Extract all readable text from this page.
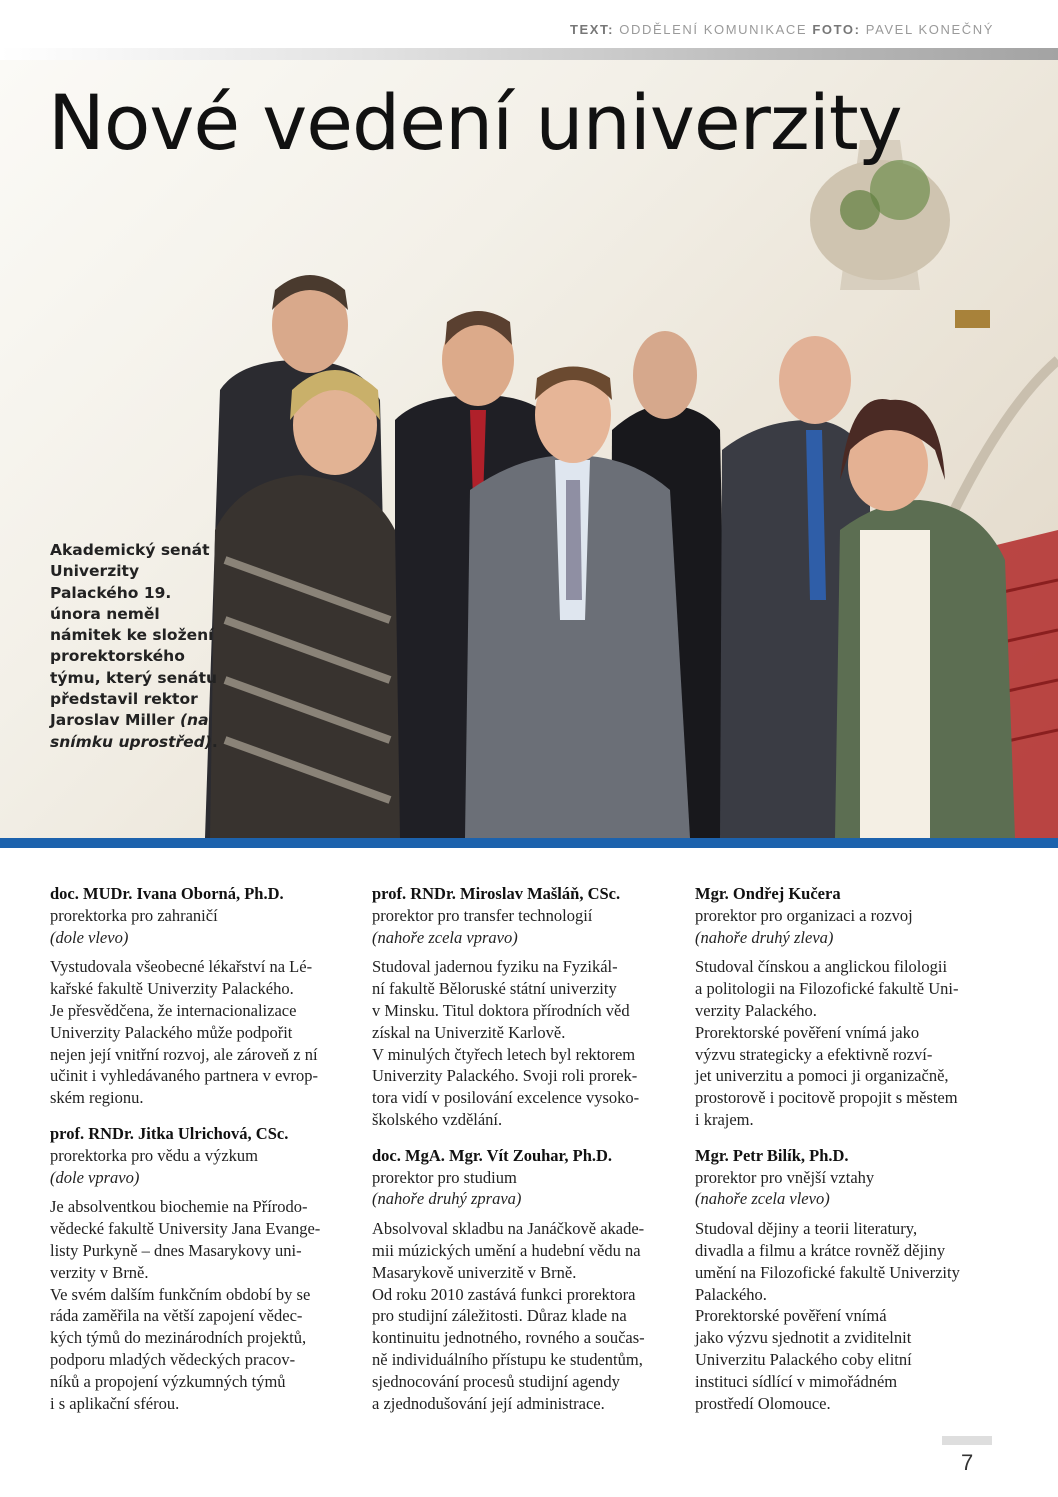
TEXT: ODDĚLENÍ KOMUNIKACE FOTO: PAVEL KONEČNÝ
Nové vedení univerzity
Akademický senát Univerzity Palackého 19. února neměl námitek ke složení prorektorského týmu, který senátu představil rektor Jaroslav Miller (na snímku uprostřed).
doc. MUDr. Ivana Oborná, Ph.D.
prorektorka pro zahraničí
(dole vlevo)
Vystudovala všeobecné lékařství na Lé-
kařské fakultě Univerzity Palackého.
Je přesvědčena, že internacionalizace
Univerzity Palackého může podpořit
nejen její vnitřní rozvoj, ale zároveň z ní
učinit i vyhledávaného partnera v evrop-
ském regionu.
prof. RNDr. Jitka Ulrichová, CSc.
prorektorka pro vědu a výzkum
(dole vpravo)
Je absolventkou biochemie na Přírodo-
vědecké fakultě University Jana Evange-
listy Purkyně – dnes Masarykovy uni-
verzity v Brně.
Ve svém dalším funkčním období by se
ráda zaměřila na větší zapojení vědec-
kých týmů do mezinárodních projektů,
podporu mladých vědeckých pracov-
níků a propojení výzkumných týmů
i s aplikační sférou.
prof. RNDr. Miroslav Mašláň, CSc.
prorektor pro transfer technologií
(nahoře zcela vpravo)
Studoval jadernou fyziku na Fyzikál-
ní fakultě Běloruské státní univerzity
v Minsku. Titul doktora přírodních věd
získal na Univerzitě Karlově.
V minulých čtyřech letech byl rektorem
Univerzity Palackého. Svoji roli prorek-
tora vidí v posilování excelence vysoko-
školského vzdělání.
doc. MgA. Mgr. Vít Zouhar, Ph.D.
prorektor pro studium
(nahoře druhý zprava)
Absolvoval skladbu na Janáčkově akade-
mii múzických umění a hudební vědu na
Masarykově univerzitě v Brně.
Od roku 2010 zastává funkci prorektora
pro studijní záležitosti. Důraz klade na
kontinuitu jednotného, rovného a součas-
ně individuálního přístupu ke studentům,
sjednocování procesů studijní agendy
a zjednodušování její administrace.
Mgr. Ondřej Kučera
prorektor pro organizaci a rozvoj
(nahoře druhý zleva)
Studoval čínskou a anglickou filologii
a politologii na Filozofické fakultě Uni-
verzity Palackého.
Prorektorské pověření vnímá jako
výzvu strategicky a efektivně rozví-
jet univerzitu a pomoci ji organizačně,
prostorově i pocitově propojit s městem
i krajem.
Mgr. Petr Bilík, Ph.D.
prorektor pro vnější vztahy
(nahoře zcela vlevo)
Studoval dějiny a teorii literatury,
divadla a filmu a krátce rovněž dějiny
umění na Filozofické fakultě Univerzity
Palackého.
Prorektorské pověření vnímá
jako výzvu sjednotit a zviditelnit
Univerzitu Palackého coby elitní
instituci sídlící v mimořádném
prostředí Olomouce.
7
